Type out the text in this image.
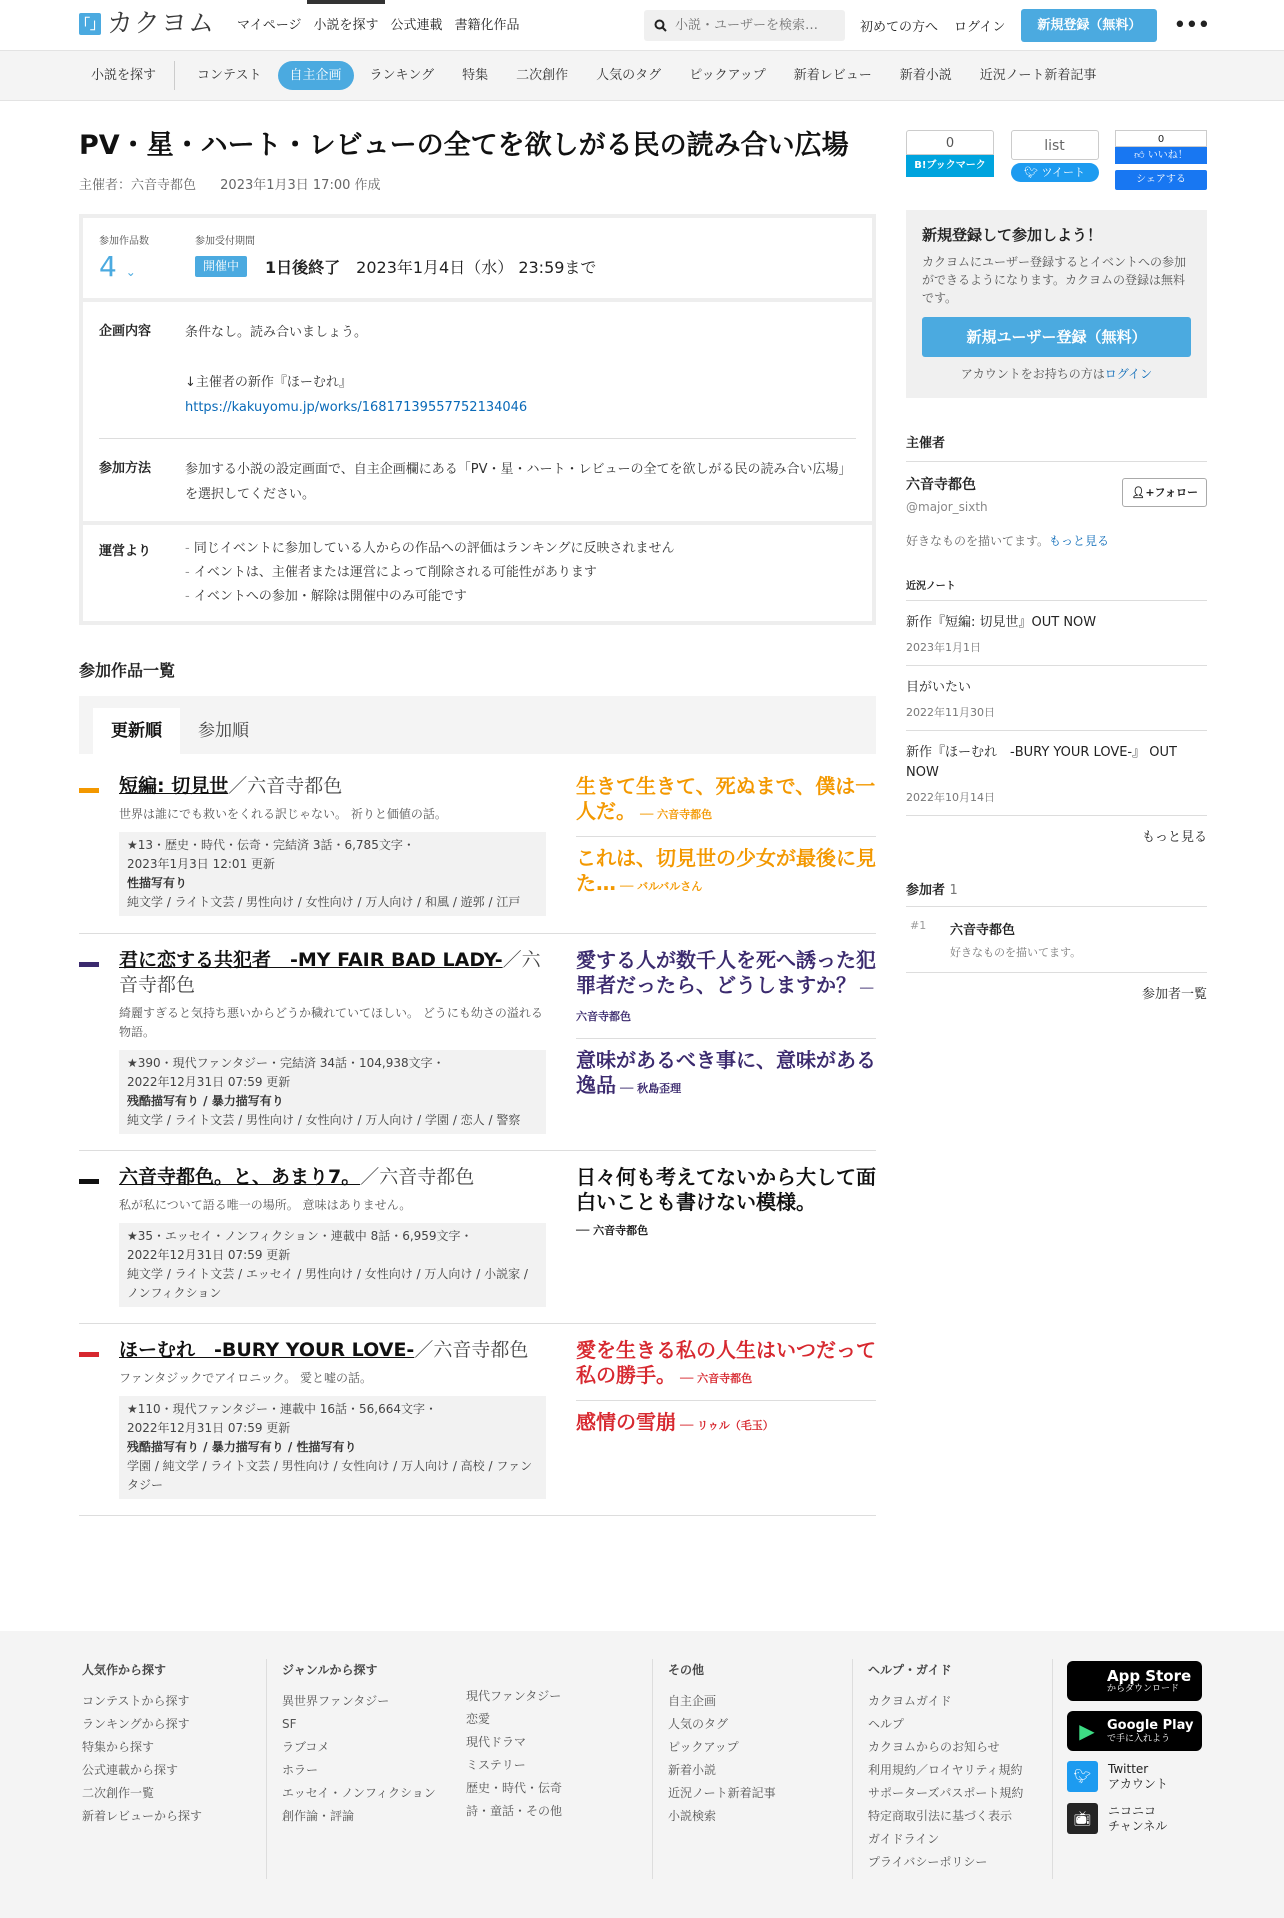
「」 カクヨム	マイページ 小説を探す 公式連載 書籍化作品
小説・ユーザーを検索…	初めての方へ ログイン	新規登録（無料）	•••
小説を探す	コンテスト	自主企画	ランキング	特集	二次創作	人気のタグ	ピックアップ	新着レビュー	新着小説	近況ノート新着記事
PV・星・ハート・レビューの全てを欲しがる民の読み合い広場
主催者：六音寺都色 2023年1月3日 17:00 作成
参加作品数
4 ⌄
参加受付期間
開催中	1日後終了 2023年1月4日（水） 23:59まで
企画内容	条件なし。読み合いましょう。
↓主催者の新作『ほーむれ』
https://kakuyomu.jp/works/16817139557752134046
参加方法	参加する小説の設定画面で、自主企画欄にある「PV・星・ハート・レビューの全てを欲しがる民の読み合い広場」を選択してください。
運営より
-	同じイベントに参加している人からの作品への評価はランキングに反映されません
- イベントは、主催者または運営によって削除される可能性があります
- イベントへの参加・解除は開催中のみ可能です
参加作品一覧
更新順	参加順
短編: 切見世／六音寺都色
世界は誰にでも救いをくれる訳じゃない。 祈りと価値の話。
★13・歴史・時代・伝奇・完結済 3話・6,785文字・
2023年1月3日 12:01 更新
性描写有り
純文学 / ライト文芸 / 男性向け / 女性向け / 万人向け / 和風 / 遊郭 / 江戸
生きて生きて、死ぬまで、僕は一人だ。 ── 六音寺都色
これは、切見世の少女が最後に見た… ── バルバルさん
君に恋する共犯者　-MY FAIR BAD LADY-／六音寺都色
綺麗すぎると気持ち悪いからどうか穢れていてほしい。 どうにも幼さの溢れる物語。
★390・現代ファンタジー・完結済 34話・104,938文字・
2022年12月31日 07:59 更新
残酷描写有り / 暴力描写有り
純文学 / ライト文芸 / 男性向け / 女性向け / 万人向け / 学園 / 恋人 / 警察
愛する人が数千人を死へ誘った犯罪者だったら、どうしますか？ ── 六音寺都色
意味があるべき事に、意味がある逸品 ── 秋島歪理
六音寺都色。と、あまり7。／六音寺都色
私が私について語る唯一の場所。 意味はありません。
★35・エッセイ・ノンフィクション・連載中 8話・6,959文字・
2022年12月31日 07:59 更新
純文学 / ライト文芸 / エッセイ / 男性向け / 女性向け / 万人向け / 小説家 / ノンフィクション
日々何も考えてないから大して面白いことも書けない模様。
── 六音寺都色
ほーむれ　-BURY YOUR LOVE-／六音寺都色
ファンタジックでアイロニック。 愛と嘘の話。
★110・現代ファンタジー・連載中 16話・56,664文字・
2022年12月31日 07:59 更新
残酷描写有り / 暴力描写有り / 性描写有り
学園 / 純文学 / ライト文芸 / 男性向け / 女性向け / 万人向け / 高校 / ファンタジー
愛を生きる私の人生はいつだって私の勝手。 ── 六音寺都色
感情の雪崩 ── リゥル（毛玉）
0
B!ブックマーク
list
🐦︎ ツイート
0
👍︎ いいね！
シェアする
新規登録して参加しよう！

カクヨムにユーザー登録するとイベントへの参加ができるようになります。カクヨムの登録は無料です。

新規ユーザー登録（無料）
アカウントをお持ちの方はログイン
主催者
六音寺都色
@major_sixth
👤︎+フォロー
好きなものを描いてます。もっと見る
近況ノート
新作『短編: 切見世』OUT NOW
2023年1月1日
目がいたい
2022年11月30日
新作『ほーむれ　-BURY YOUR LOVE-』 OUT NOW
2022年10月14日
もっと見る
参加者 1
#1	六音寺都色
好きなものを描いてます。
参加者一覧
人気作から探す
コンテストから探す
ランキングから探す
特集から探す
公式連載から探す
二次創作一覧
新着レビューから探す
ジャンルから探す
異世界ファンタジー
SF
ラブコメ
ホラー
エッセイ・ノンフィクション
創作論・評論
現代ファンタジー
恋愛
現代ドラマ
ミステリー
歴史・時代・伝奇
詩・童話・その他
その他
自主企画
人気のタグ
ピックアップ
新着小説
近況ノート新着記事
小説検索
ヘルプ・ガイド
カクヨムガイド
ヘルプ
カクヨムからのお知らせ
利用規約／ロイヤリティ規約
サポーターズパスポート規約
特定商取引法に基づく表示
ガイドライン
プライバシーポリシー
App Store
からダウンロード
▶ Google Play
で手に入れよう
🐦︎	Twitter
アカウント
📺︎	ニコニコ
チャンネル
